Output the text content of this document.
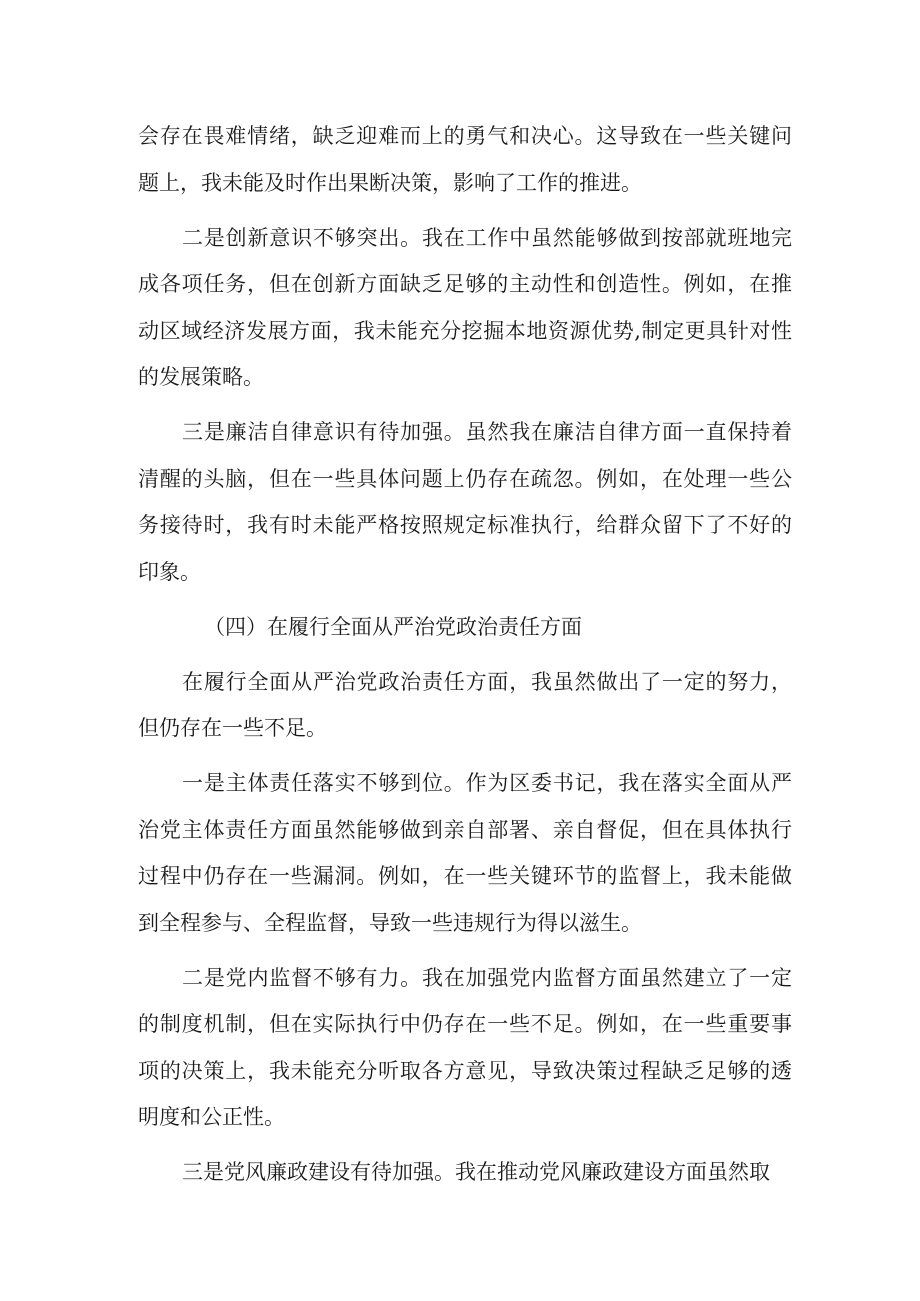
会存在畏难情绪，缺乏迎难而上的勇气和决心。这导致在一些关键问
题上，我未能及时作出果断决策，影响了工作的推进。
二是创新意识不够突出。我在工作中虽然能够做到按部就班地完
成各项任务，但在创新方面缺乏足够的主动性和创造性。例如，在推
动区域经济发展方面，我未能充分挖掘本地资源优势,制定更具针对性
的发展策略。
三是廉洁自律意识有待加强。虽然我在廉洁自律方面一直保持着
清醒的头脑，但在一些具体问题上仍存在疏忽。例如，在处理一些公
务接待时，我有时未能严格按照规定标准执行，给群众留下了不好的
印象。
（四）在履行全面从严治党政治责任方面
在履行全面从严治党政治责任方面，我虽然做出了一定的努力，
但仍存在一些不足。
一是主体责任落实不够到位。作为区委书记，我在落实全面从严
治党主体责任方面虽然能够做到亲自部署、亲自督促，但在具体执行
过程中仍存在一些漏洞。例如，在一些关键环节的监督上，我未能做
到全程参与、全程监督，导致一些违规行为得以滋生。
二是党内监督不够有力。我在加强党内监督方面虽然建立了一定
的制度机制，但在实际执行中仍存在一些不足。例如，在一些重要事
项的决策上，我未能充分听取各方意见，导致决策过程缺乏足够的透
明度和公正性。
三是党风廉政建设有待加强。我在推动党风廉政建设方面虽然取
